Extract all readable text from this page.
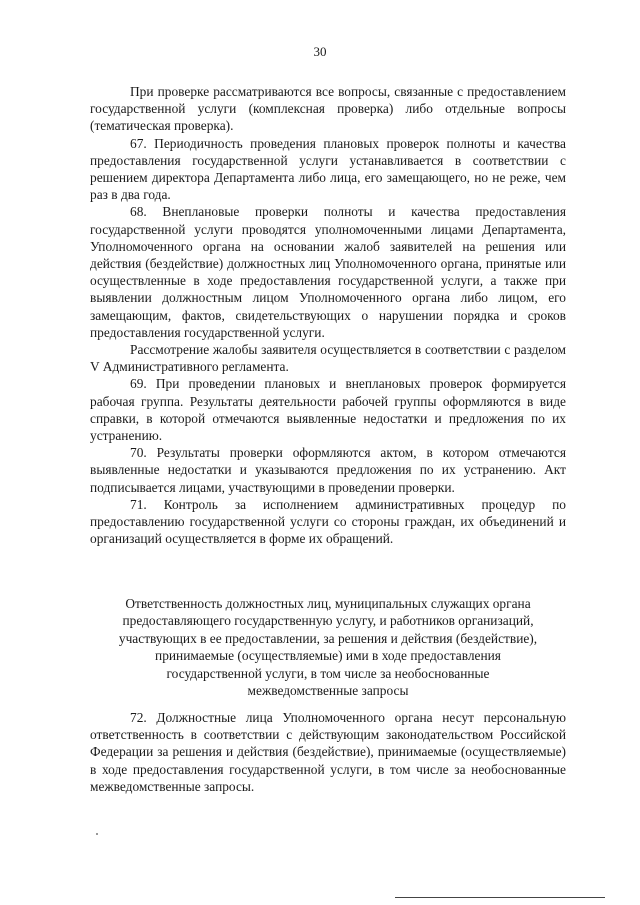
30

При проверке рассматриваются все вопросы, связанные с предоставлением государственной услуги (комплексная проверка) либо отдельные вопросы (тематическая проверка).

67. Периодичность проведения плановых проверок полноты и качества предоставления государственной услуги устанавливается в соответствии с решением директора Департамента либо лица, его замещающего, но не реже, чем раз в два года.

68. Внеплановые проверки полноты и качества предоставления государственной услуги проводятся уполномоченными лицами Департамента, Уполномоченного органа на основании жалоб заявителей на решения или действия (бездействие) должностных лиц Уполномоченного органа, принятые или осуществленные в ходе предоставления государственной услуги, а также при выявлении должностным лицом Уполномоченного органа либо лицом, его замещающим, фактов, свидетельствующих о нарушении порядка и сроков предоставления государственной услуги.

Рассмотрение жалобы заявителя осуществляется в соответствии с разделом V Административного регламента.

69. При проведении плановых и внеплановых проверок формируется рабочая группа. Результаты деятельности рабочей группы оформляются в виде справки, в которой отмечаются выявленные недостатки и предложения по их устранению.

70. Результаты проверки оформляются актом, в котором отмечаются выявленные недостатки и указываются предложения по их устранению. Акт подписывается лицами, участвующими в проведении проверки.

71. Контроль за исполнением административных процедур по предоставлению государственной услуги со стороны граждан, их объединений и организаций осуществляется в форме их обращений.

Ответственность должностных лиц, муниципальных служащих органа
предоставляющего государственную услугу, и работников организаций,
участвующих в ее предоставлении, за решения и действия (бездействие),
принимаемые (осуществляемые) ими в ходе предоставления
государственной услуги, в том числе за необоснованные
межведомственные запросы

72. Должностные лица Уполномоченного органа несут персональную ответственность в соответствии с действующим законодательством Российской Федерации за решения и действия (бездействие), принимаемые (осуществляемые) в ходе предоставления государственной услуги, в том числе за необоснованные межведомственные запросы.
